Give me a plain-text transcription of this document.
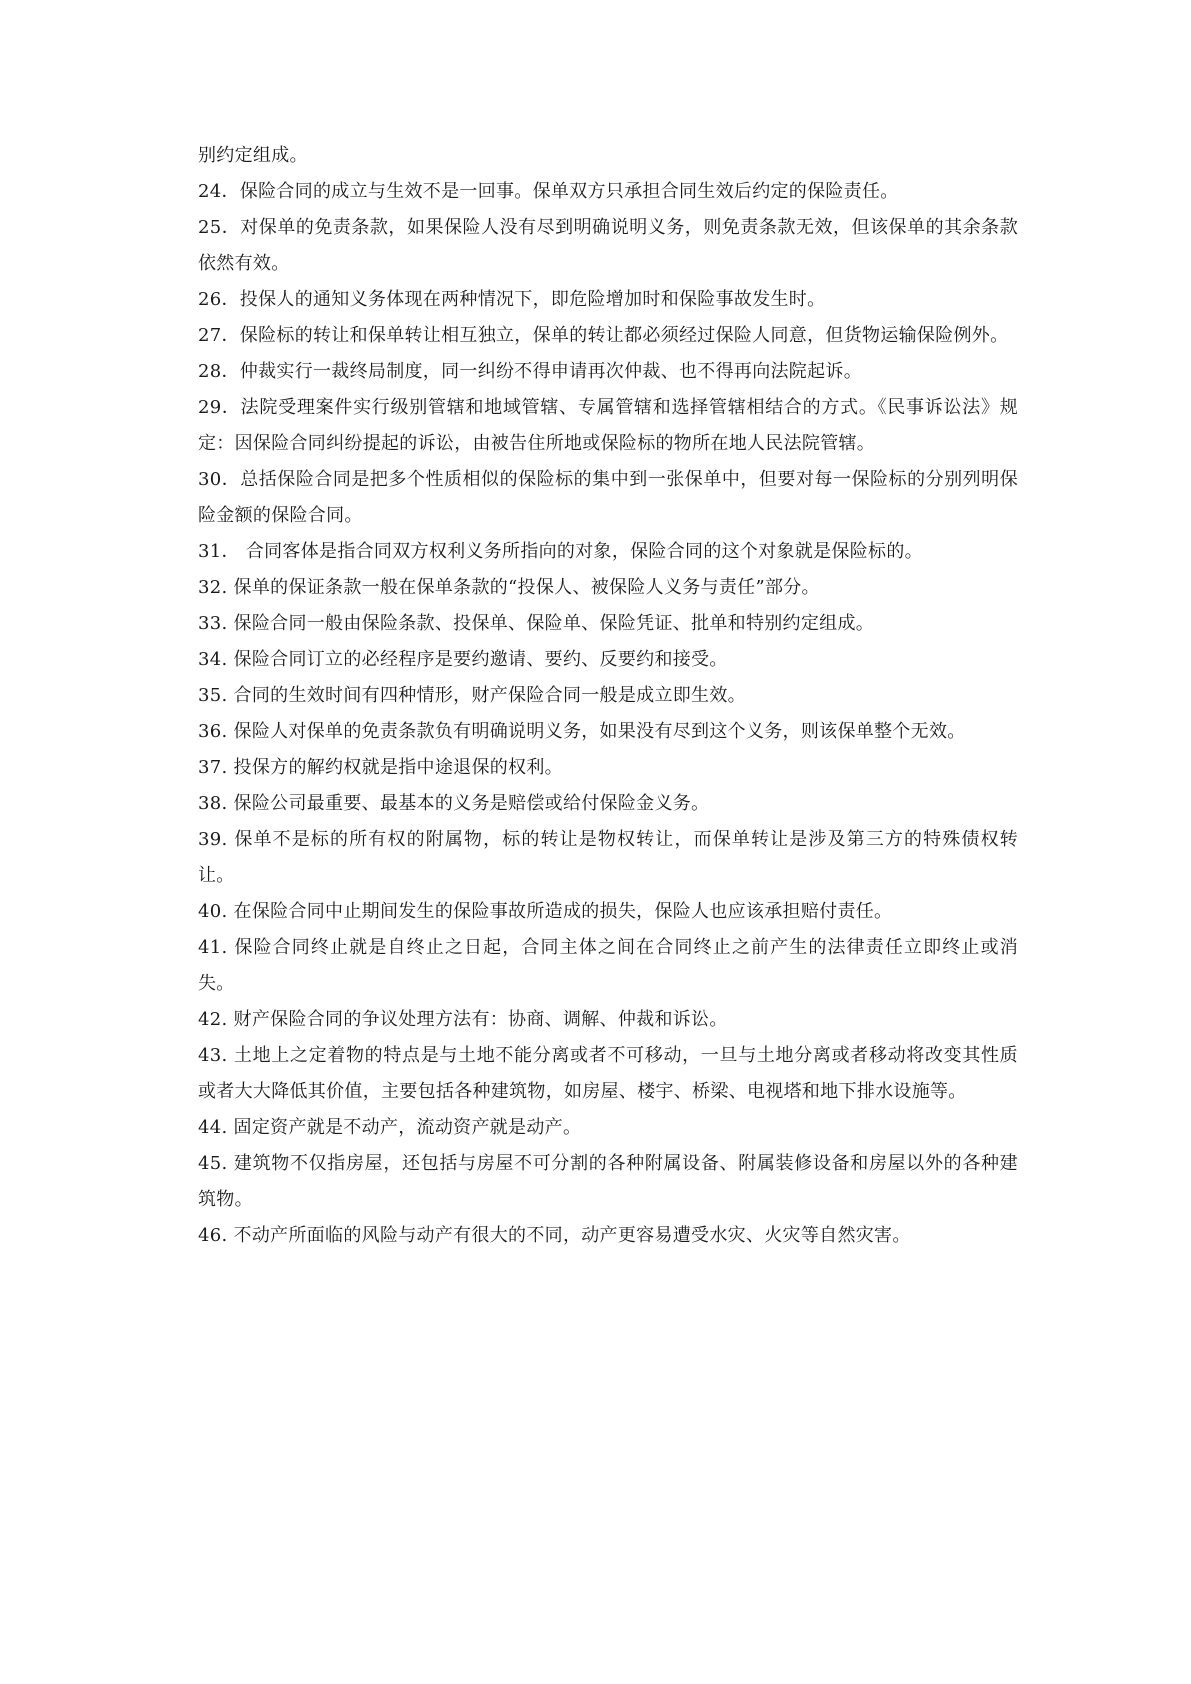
别约定组成。

24．保险合同的成立与生效不是一回事。保单双方只承担合同生效后约定的保险责任。

25．对保单的免责条款，如果保险人没有尽到明确说明义务，则免责条款无效，但该保单的其余条款依然有效。

26．投保人的通知义务体现在两种情况下，即危险增加时和保险事故发生时。

27．保险标的转让和保单转让相互独立，保单的转让都必须经过保险人同意，但货物运输保险例外。

28．仲裁实行一裁终局制度，同一纠纷不得申请再次仲裁、也不得再向法院起诉。

29．法院受理案件实行级别管辖和地域管辖、专属管辖和选择管辖相结合的方式。《民事诉讼法》规定：因保险合同纠纷提起的诉讼，由被告住所地或保险标的物所在地人民法院管辖。

30．总括保险合同是把多个性质相似的保险标的集中到一张保单中，但要对每一保险标的分别列明保险金额的保险合同。

31． 合同客体是指合同双方权利义务所指向的对象，保险合同的这个对象就是保险标的。

32. 保单的保证条款一般在保单条款的“投保人、被保险人义务与责任”部分。

33. 保险合同一般由保险条款、投保单、保险单、保险凭证、批单和特别约定组成。

34. 保险合同订立的必经程序是要约邀请、要约、反要约和接受。

35. 合同的生效时间有四种情形，财产保险合同一般是成立即生效。

36. 保险人对保单的免责条款负有明确说明义务，如果没有尽到这个义务，则该保单整个无效。

37. 投保方的解约权就是指中途退保的权利。

38. 保险公司最重要、最基本的义务是赔偿或给付保险金义务。

39. 保单不是标的所有权的附属物，标的转让是物权转让，而保单转让是涉及第三方的特殊债权转让。

40. 在保险合同中止期间发生的保险事故所造成的损失，保险人也应该承担赔付责任。

41. 保险合同终止就是自终止之日起，合同主体之间在合同终止之前产生的法律责任立即终止或消失。

42. 财产保险合同的争议处理方法有：协商、调解、仲裁和诉讼。

43. 土地上之定着物的特点是与土地不能分离或者不可移动，一旦与土地分离或者移动将改变其性质或者大大降低其价值，主要包括各种建筑物，如房屋、楼宇、桥梁、电视塔和地下排水设施等。

44. 固定资产就是不动产，流动资产就是动产。

45. 建筑物不仅指房屋，还包括与房屋不可分割的各种附属设备、附属装修设备和房屋以外的各种建筑物。

46. 不动产所面临的风险与动产有很大的不同，动产更容易遭受水灾、火灾等自然灾害。
